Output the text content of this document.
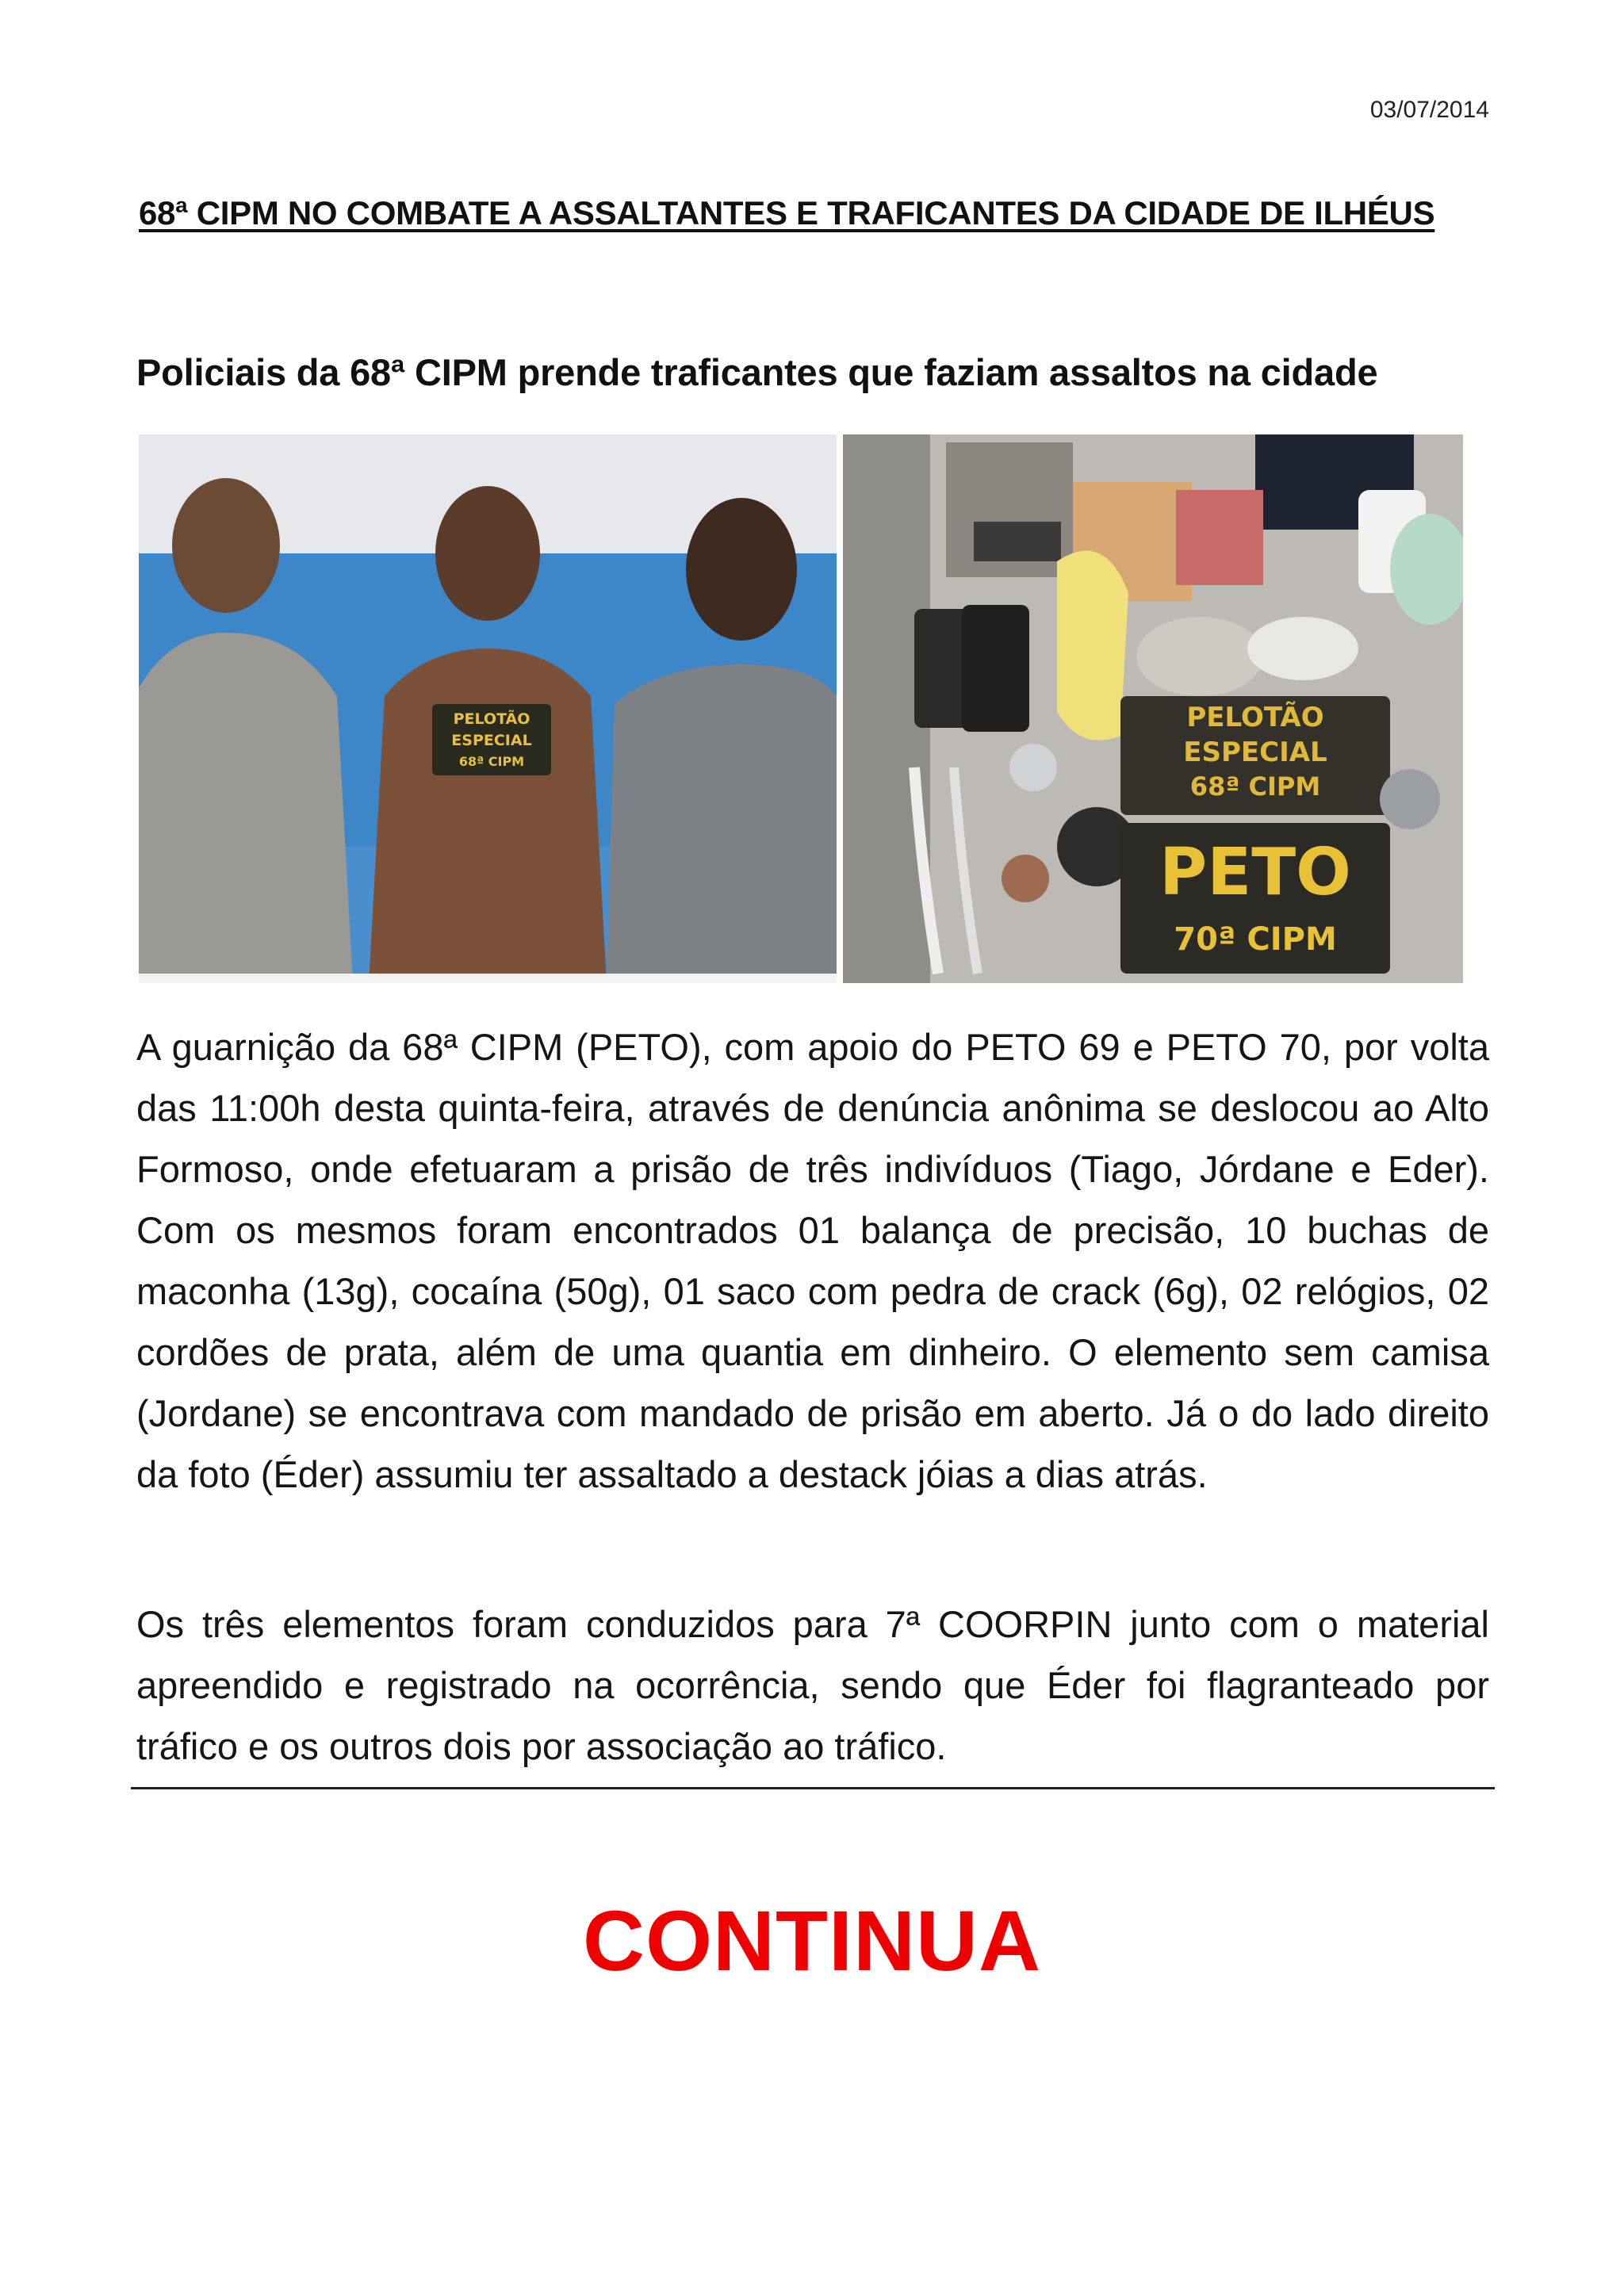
03/07/2014
68ª CIPM NO COMBATE A ASSALTANTES E TRAFICANTES DA CIDADE DE ILHÉUS
Policiais da 68ª CIPM prende traficantes que faziam assaltos na cidade
PELOTÃO
ESPECIAL
68ª CIPM
PELOTÃO
ESPECIAL
68ª CIPM
PETO
70ª CIPM

A guarnição da 68ª CIPM (PETO), com apoio do PETO 69 e PETO 70, por volta das 11:00h desta quinta-feira, através de denúncia anônima se deslocou ao Alto Formoso, onde efetuaram a prisão de três indivíduos (Tiago, Jórdane e Eder). Com os mesmos foram encontrados 01 balança de precisão, 10 buchas de maconha (13g), cocaína (50g), 01 saco com pedra de crack (6g), 02 relógios, 02 cordões de prata, além de uma quantia em dinheiro. O elemento sem camisa (Jordane) se encontrava com mandado de prisão em aberto. Já o do lado direito da foto (Éder) assumiu ter assaltado a destack jóias a dias atrás.

Os três elementos foram conduzidos para 7ª COORPIN junto com o material apreendido e registrado na ocorrência, sendo que Éder foi flagranteado por tráfico e os outros dois por associação ao tráfico.

CONTINUA
